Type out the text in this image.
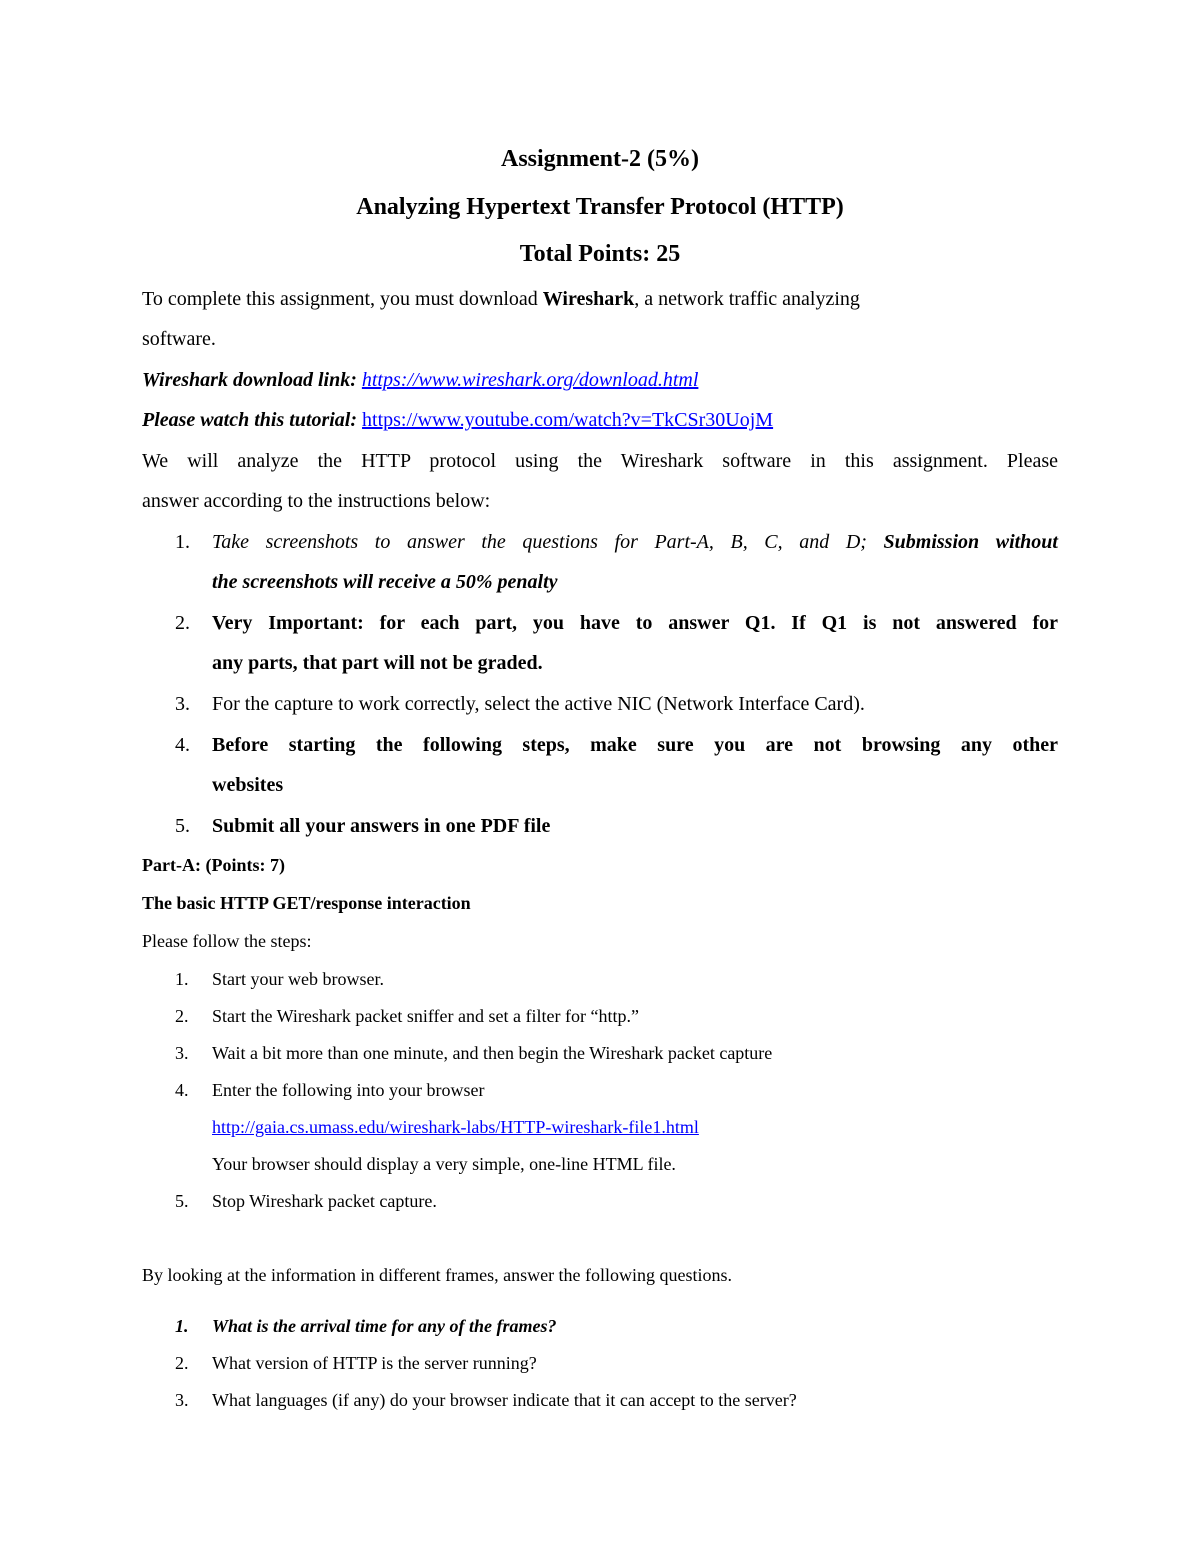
Assignment-2 (5%)
Analyzing Hypertext Transfer Protocol (HTTP)
Total Points: 25
To complete this assignment, you must download Wireshark, a network traffic analyzing
software.
Wireshark download link: https://www.wireshark.org/download.html
Please watch this tutorial: https://www.youtube.com/watch?v=TkCSr30UojM
We will analyze the HTTP protocol using the Wireshark software in this assignment. Please
answer according to the instructions below:
1. Take screenshots to answer the questions for Part-A, B, C, and D; Submission without
the screenshots will receive a 50% penalty
2. Very Important: for each part, you have to answer Q1. If Q1 is not answered for
any parts, that part will not be graded.
3. For the capture to work correctly, select the active NIC (Network Interface Card).
4. Before starting the following steps, make sure you are not browsing any other
websites
5. Submit all your answers in one PDF file
Part-A: (Points: 7)
The basic HTTP GET/response interaction
Please follow the steps:
1. Start your web browser.
2. Start the Wireshark packet sniffer and set a filter for “http.”
3. Wait a bit more than one minute, and then begin the Wireshark packet capture
4. Enter the following into your browser
http://gaia.cs.umass.edu/wireshark-labs/HTTP-wireshark-file1.html
Your browser should display a very simple, one-line HTML file.
5. Stop Wireshark packet capture.
By looking at the information in different frames, answer the following questions.
1. What is the arrival time for any of the frames?
2. What version of HTTP is the server running?
3. What languages (if any) do your browser indicate that it can accept to the server?
